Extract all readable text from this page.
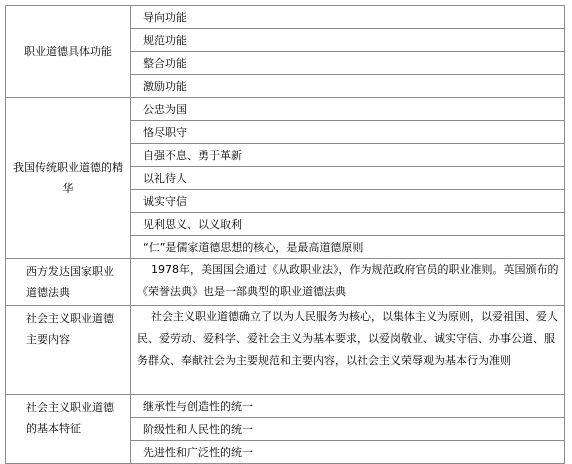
职业道德具体功能	导向功能
	规范功能
	整合功能
	激励功能
我国传统职业道德的精华	公忠为国
	恪尽职守
	自强不息、勇于革新
	以礼待人
	诚实守信
	见利思义、以义取利
	“仁”是儒家道德思想的核心，是最高道德原则
西方发达国家职业道德法典	1978年，美国国会通过《从政职业法》，作为规范政府官员的职业准则。英国颁布的《荣誉法典》也是一部典型的职业道德法典
社会主义职业道德主要内容	社会主义职业道德确立了以为人民服务为核心，以集体主义为原则，以爱祖国、爱人民、爱劳动、爱科学、爱社会主义为基本要求，以爱岗敬业、诚实守信、办事公道、服务群众、奉献社会为主要规范和主要内容，以社会主义荣辱观为基本行为准则
社会主义职业道德的基本特征	继承性与创造性的统一
	阶级性和人民性的统一
	先进性和广泛性的统一
